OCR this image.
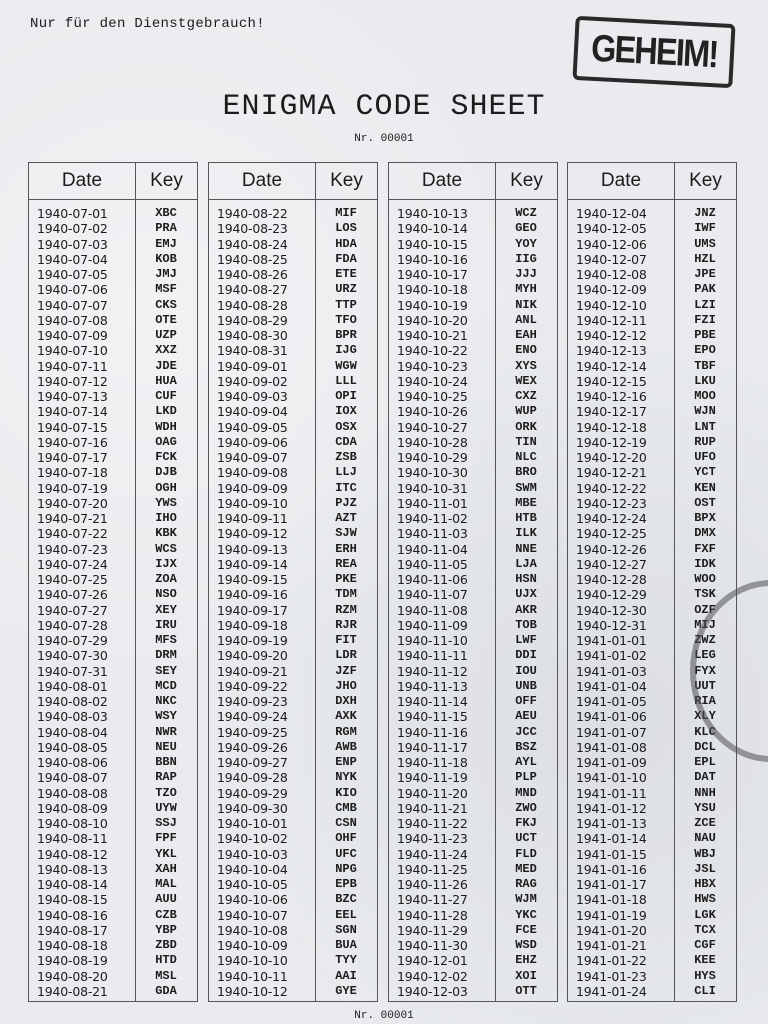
Nur für den Dienstgebrauch!
GEHEIM!
ENIGMA CODE SHEET
Nr. 00001
Date	Key
1940-07-01	XBC
1940-07-02	PRA
1940-07-03	EMJ
1940-07-04	KOB
1940-07-05	JMJ
1940-07-06	MSF
1940-07-07	CKS
1940-07-08	OTE
1940-07-09	UZP
1940-07-10	XXZ
1940-07-11	JDE
1940-07-12	HUA
1940-07-13	CUF
1940-07-14	LKD
1940-07-15	WDH
1940-07-16	OAG
1940-07-17	FCK
1940-07-18	DJB
1940-07-19	OGH
1940-07-20	YWS
1940-07-21	IHO
1940-07-22	KBK
1940-07-23	WCS
1940-07-24	IJX
1940-07-25	ZOA
1940-07-26	NSO
1940-07-27	XEY
1940-07-28	IRU
1940-07-29	MFS
1940-07-30	DRM
1940-07-31	SEY
1940-08-01	MCD
1940-08-02	NKC
1940-08-03	WSY
1940-08-04	NWR
1940-08-05	NEU
1940-08-06	BBN
1940-08-07	RAP
1940-08-08	TZO
1940-08-09	UYW
1940-08-10	SSJ
1940-08-11	FPF
1940-08-12	YKL
1940-08-13	XAH
1940-08-14	MAL
1940-08-15	AUU
1940-08-16	CZB
1940-08-17	YBP
1940-08-18	ZBD
1940-08-19	HTD
1940-08-20	MSL
1940-08-21	GDA
Date	Key
1940-08-22	MIF
1940-08-23	LOS
1940-08-24	HDA
1940-08-25	FDA
1940-08-26	ETE
1940-08-27	URZ
1940-08-28	TTP
1940-08-29	TFO
1940-08-30	BPR
1940-08-31	IJG
1940-09-01	WGW
1940-09-02	LLL
1940-09-03	OPI
1940-09-04	IOX
1940-09-05	OSX
1940-09-06	CDA
1940-09-07	ZSB
1940-09-08	LLJ
1940-09-09	ITC
1940-09-10	PJZ
1940-09-11	AZT
1940-09-12	SJW
1940-09-13	ERH
1940-09-14	REA
1940-09-15	PKE
1940-09-16	TDM
1940-09-17	RZM
1940-09-18	RJR
1940-09-19	FIT
1940-09-20	LDR
1940-09-21	JZF
1940-09-22	JHO
1940-09-23	DXH
1940-09-24	AXK
1940-09-25	RGM
1940-09-26	AWB
1940-09-27	ENP
1940-09-28	NYK
1940-09-29	KIO
1940-09-30	CMB
1940-10-01	CSN
1940-10-02	OHF
1940-10-03	UFC
1940-10-04	NPG
1940-10-05	EPB
1940-10-06	BZC
1940-10-07	EEL
1940-10-08	SGN
1940-10-09	BUA
1940-10-10	TYY
1940-10-11	AAI
1940-10-12	GYE
Date	Key
1940-10-13	WCZ
1940-10-14	GEO
1940-10-15	YOY
1940-10-16	IIG
1940-10-17	JJJ
1940-10-18	MYH
1940-10-19	NIK
1940-10-20	ANL
1940-10-21	EAH
1940-10-22	ENO
1940-10-23	XYS
1940-10-24	WEX
1940-10-25	CXZ
1940-10-26	WUP
1940-10-27	ORK
1940-10-28	TIN
1940-10-29	NLC
1940-10-30	BRO
1940-10-31	SWM
1940-11-01	MBE
1940-11-02	HTB
1940-11-03	ILK
1940-11-04	NNE
1940-11-05	LJA
1940-11-06	HSN
1940-11-07	UJX
1940-11-08	AKR
1940-11-09	TOB
1940-11-10	LWF
1940-11-11	DDI
1940-11-12	IOU
1940-11-13	UNB
1940-11-14	OFF
1940-11-15	AEU
1940-11-16	JCC
1940-11-17	BSZ
1940-11-18	AYL
1940-11-19	PLP
1940-11-20	MND
1940-11-21	ZWO
1940-11-22	FKJ
1940-11-23	UCT
1940-11-24	FLD
1940-11-25	MED
1940-11-26	RAG
1940-11-27	WJM
1940-11-28	YKC
1940-11-29	FCE
1940-11-30	WSD
1940-12-01	EHZ
1940-12-02	XOI
1940-12-03	OTT
Date	Key
1940-12-04	JNZ
1940-12-05	IWF
1940-12-06	UMS
1940-12-07	HZL
1940-12-08	JPE
1940-12-09	PAK
1940-12-10	LZI
1940-12-11	FZI
1940-12-12	PBE
1940-12-13	EPO
1940-12-14	TBF
1940-12-15	LKU
1940-12-16	MOO
1940-12-17	WJN
1940-12-18	LNT
1940-12-19	RUP
1940-12-20	UFO
1940-12-21	YCT
1940-12-22	KEN
1940-12-23	OST
1940-12-24	BPX
1940-12-25	DMX
1940-12-26	FXF
1940-12-27	IDK
1940-12-28	WOO
1940-12-29	TSK
1940-12-30	OZF
1940-12-31	MIJ
1941-01-01	ZWZ
1941-01-02	LEG
1941-01-03	FYX
1941-01-04	UUT
1941-01-05	RIA
1941-01-06	XLY
1941-01-07	KLC
1941-01-08	DCL
1941-01-09	EPL
1941-01-10	DAT
1941-01-11	NNH
1941-01-12	YSU
1941-01-13	ZCE
1941-01-14	NAU
1941-01-15	WBJ
1941-01-16	JSL
1941-01-17	HBX
1941-01-18	HWS
1941-01-19	LGK
1941-01-20	TCX
1941-01-21	CGF
1941-01-22	KEE
1941-01-23	HYS
1941-01-24	CLI
Nr. 00001
